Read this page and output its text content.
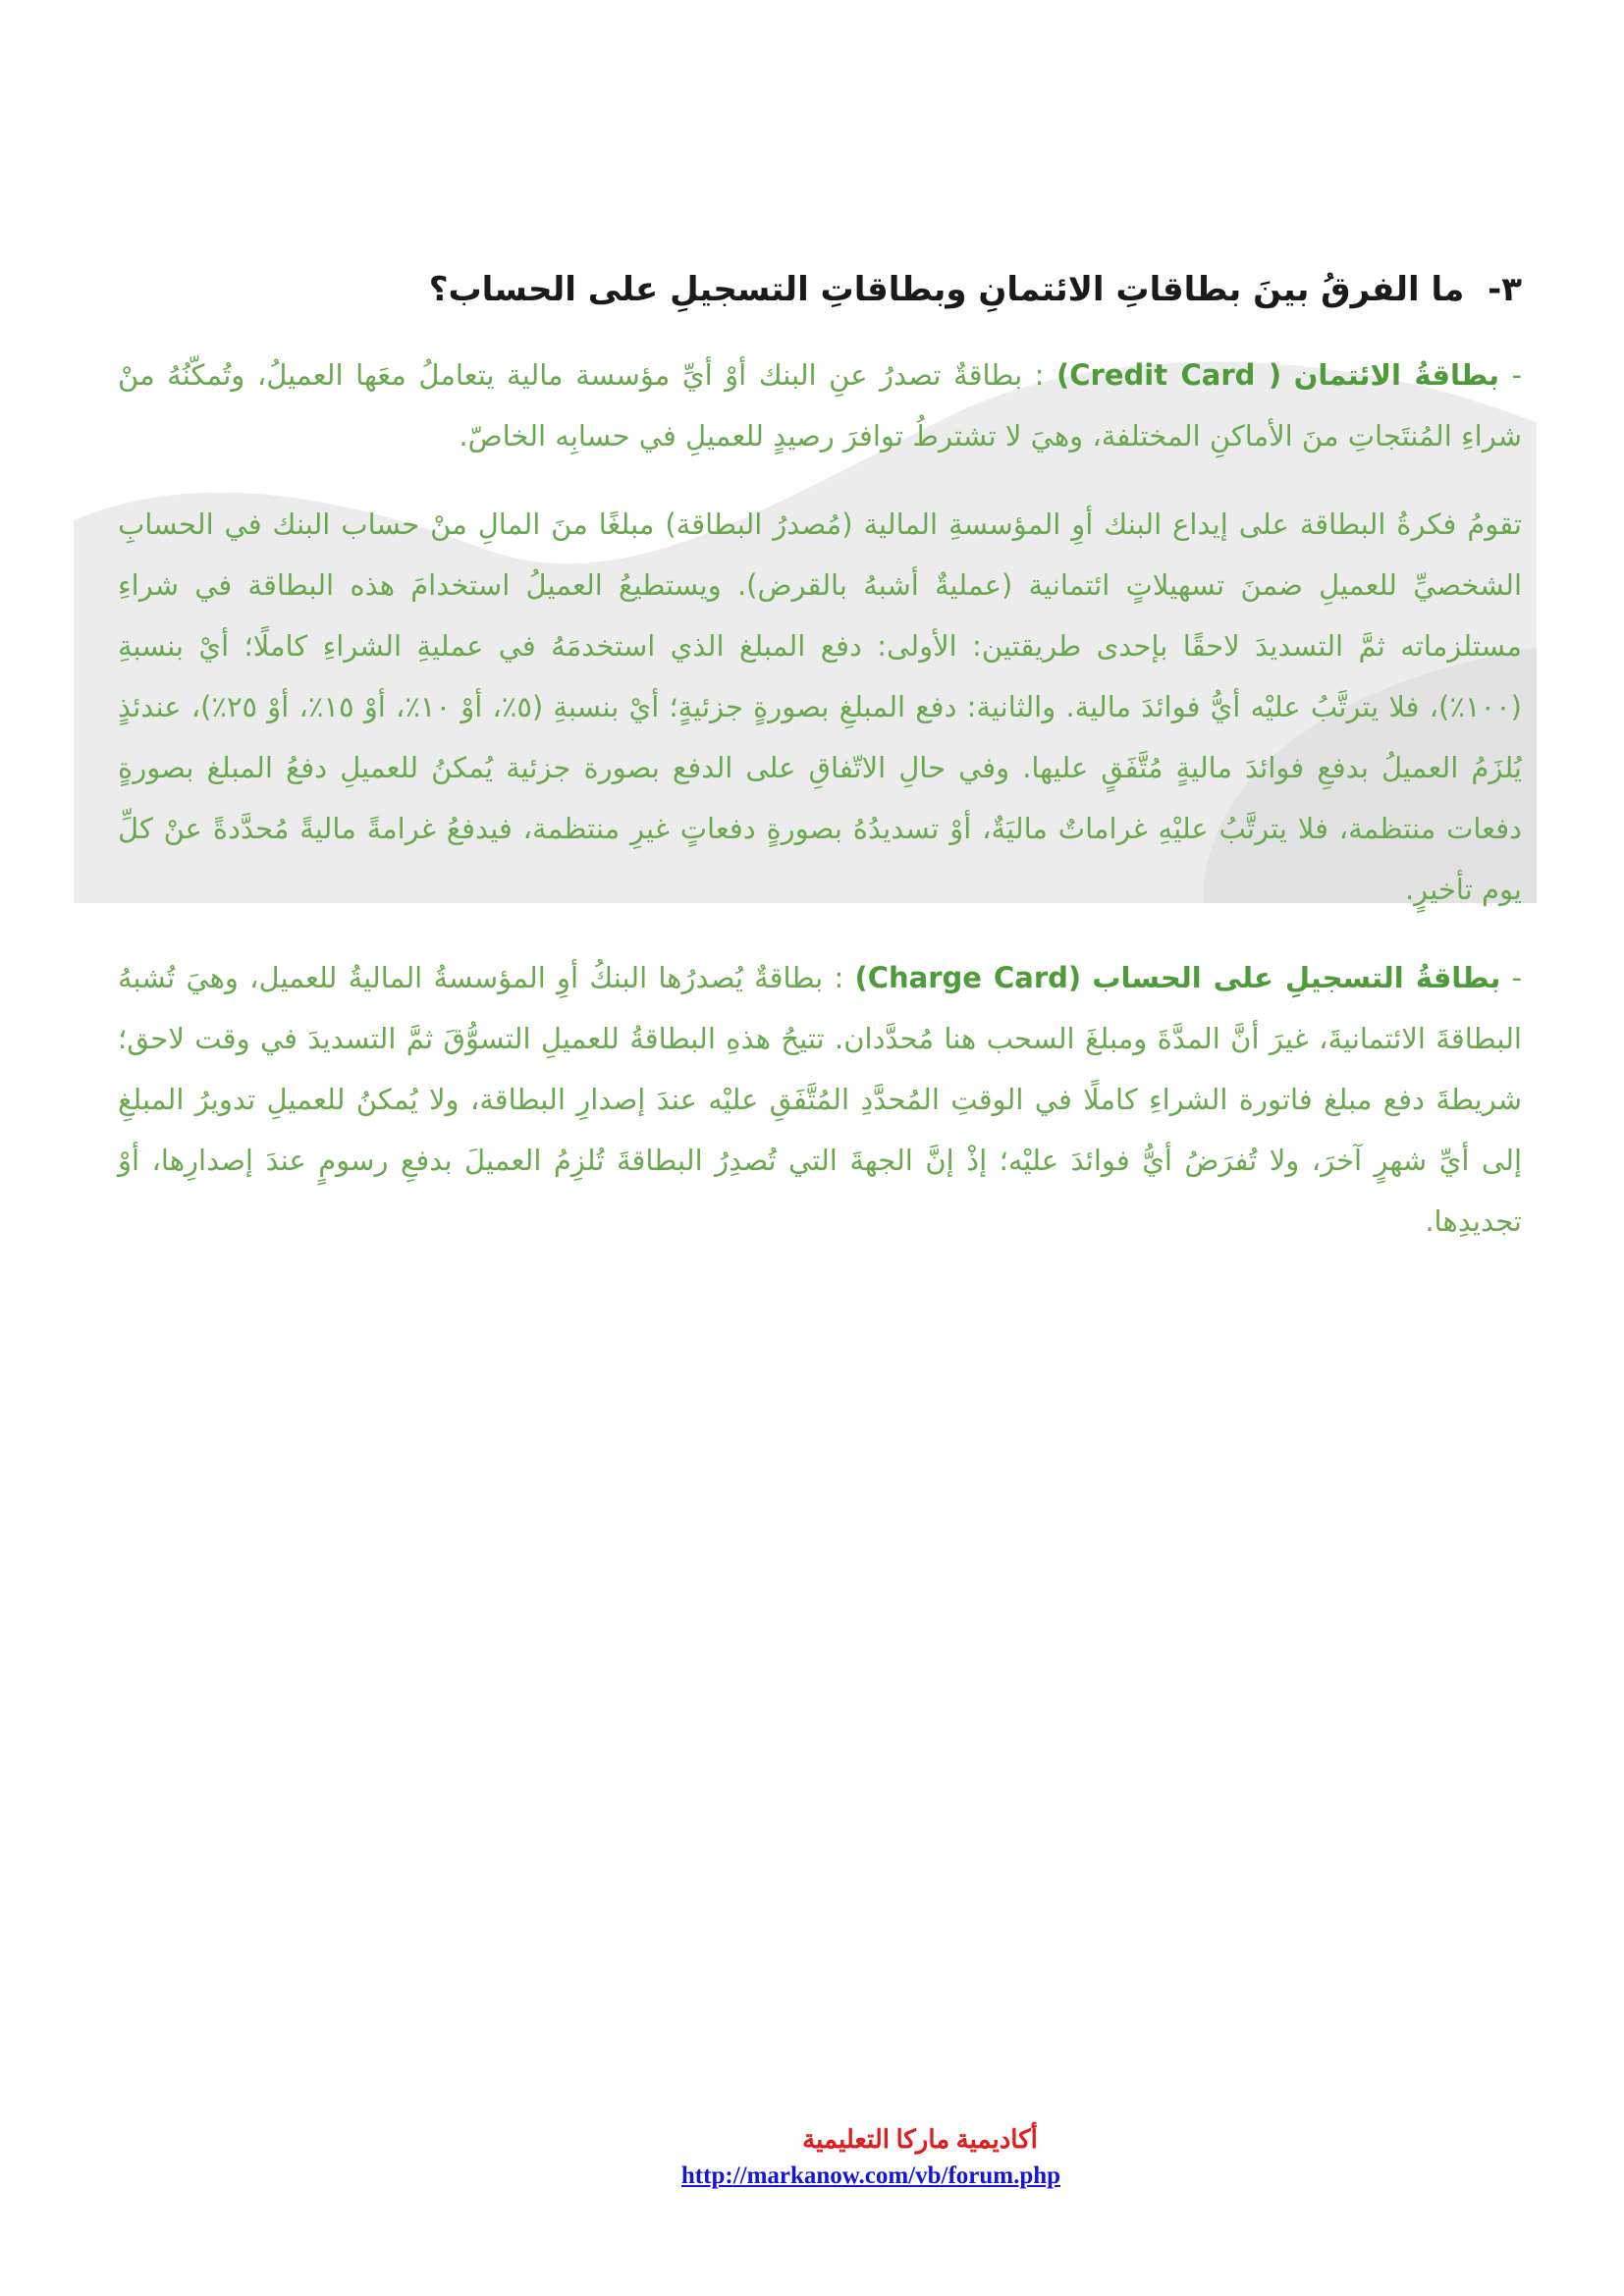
٣- ما الفرقُ بينَ بطاقاتِ الائتمانِ وبطاقاتِ التسجيلِ على الحساب؟

- بطاقةُ الائتمان (Credit Card ) : بطاقةٌ تصدرُ عنِ البنك أوْ أيِّ مؤسسة مالية يتعاملُ معَها العميلُ، وتُمكّنُهُ منْ شراءِ المُنتَجاتِ منَ الأماكنِ المختلفة، وهيَ لا تشترطُ توافرَ رصيدٍ للعميلِ في حسابِه الخاصّ.

تقومُ فكرةُ البطاقة على إيداع البنك أوِ المؤسسةِ المالية (مُصدرُ البطاقة) مبلغًا منَ المالِ منْ حساب البنك في الحسابِ الشخصيِّ للعميلِ ضمنَ تسهيلاتٍ ائتمانية (عمليةٌ أشبهُ بالقرض). ويستطيعُ العميلُ استخدامَ هذه البطاقة في شراءِ مستلزماته ثمَّ التسديدَ لاحقًا بإحدى طريقتين: الأولى: دفع المبلغ الذي استخدمَهُ في عمليةِ الشراءِ كاملًا؛ أيْ بنسبةِ (١٠٠٪)، فلا يترتَّبُ عليْه أيُّ فوائدَ مالية. والثانية: دفع المبلغِ بصورةٍ جزئيةٍ؛ أيْ بنسبةِ (٥٪، أوْ ١٠٪، أوْ ١٥٪، أوْ ٢٥٪)، عندئذٍ يُلزَمُ العميلُ بدفعِ فوائدَ ماليةٍ مُتَّفَقٍ عليها. وفي حالِ الاتّفاقِ على الدفع بصورة جزئية يُمكنُ للعميلِ دفعُ المبلغ بصورةٍ دفعات منتظمة، فلا يترتَّبُ عليْهِ غراماتٌ ماليَةٌ، أوْ تسديدُهُ بصورةٍ دفعاتٍ غيرِ منتظمة، فيدفعُ غرامةً ماليةً مُحدَّدةً عنْ كلِّ يوم تأخيرٍ.

- بطاقةُ التسجيلِ على الحساب (Charge Card) : بطاقةٌ يُصدرُها البنكُ أوِ المؤسسةُ الماليةُ للعميل، وهيَ تُشبهُ البطاقةَ الائتمانيةَ، غيرَ أنَّ المدَّةَ ومبلغَ السحب هنا مُحدَّدان. تتيحُ هذهِ البطاقةُ للعميلِ التسوُّقَ ثمَّ التسديدَ في وقت لاحق؛ شريطةَ دفع مبلغ فاتورة الشراءِ كاملًا في الوقتِ المُحدَّدِ المُتَّفَقِ عليْه عندَ إصدارِ البطاقة، ولا يُمكنُ للعميلِ تدويرُ المبلغِ إلى أيِّ شهرٍ آخرَ، ولا تُفرَضُ أيُّ فوائدَ عليْه؛ إذْ إنَّ الجهةَ التي تُصدِرُ البطاقةَ تُلزِمُ العميلَ بدفعِ رسومٍ عندَ إصدارِها، أوْ تجديدِها.

أكاديمية ماركا التعليمية
http://markanow.com/vb/forum.php
